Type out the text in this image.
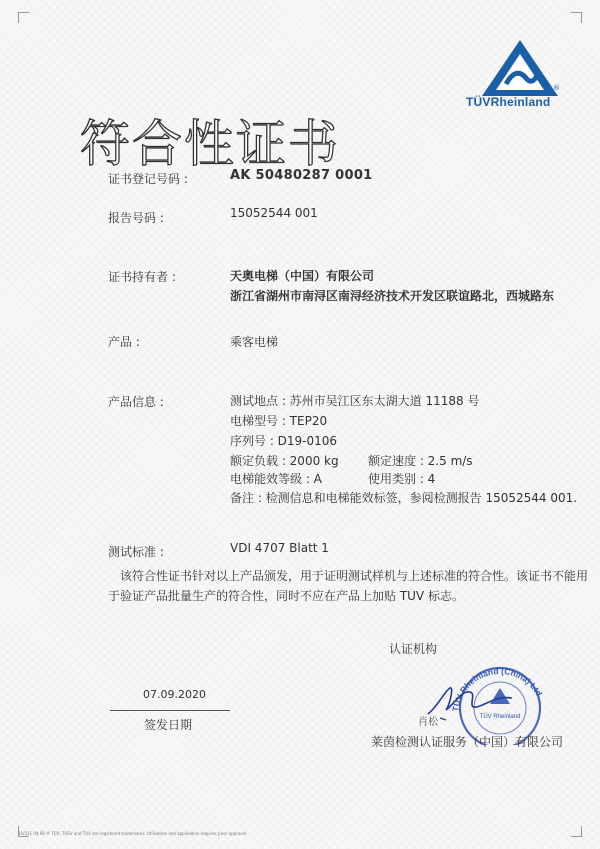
®
TÜVRheinland
符合性证书
证书登记号码 :	AK 50480287 0001
报告号码 :	15052544 001
证书持有者 :	天奥电梯（中国）有限公司
浙江省湖州市南浔区南浔经济技术开发区联谊路北，西城路东
产品 :	乘客电梯
产品信息 :	测试地点 : 苏州市吴江区东太湖大道 11188 号
电梯型号 : TEP20
序列号 : D19-0106
额定负载 : 2000 kg 额定速度 : 2.5 m/s
电梯能效等级 : A	使用类别 : 4
备注 : 检测信息和电梯能效标签，参阅检测报告 15052544 001.
测试标准 :	VDI 4707 Blatt 1
该符合性证书针对以上产品颁发，用于证明测试样机与上述标准的符合性。该证书不能用
于验证产品批量生产的符合性，同时不应在产品上加贴 TUV 标志。
07.09.2020
签发日期
认证机构
TÜV Rheinland (China) Ltd.
TÜV Rheinland
肖松
莱茵检测认证服务（中国）有限公司
10/221 04.08 ® TÜV, TUEV and TUV are registered trademarks. Utilisation and application requires prior approval.
